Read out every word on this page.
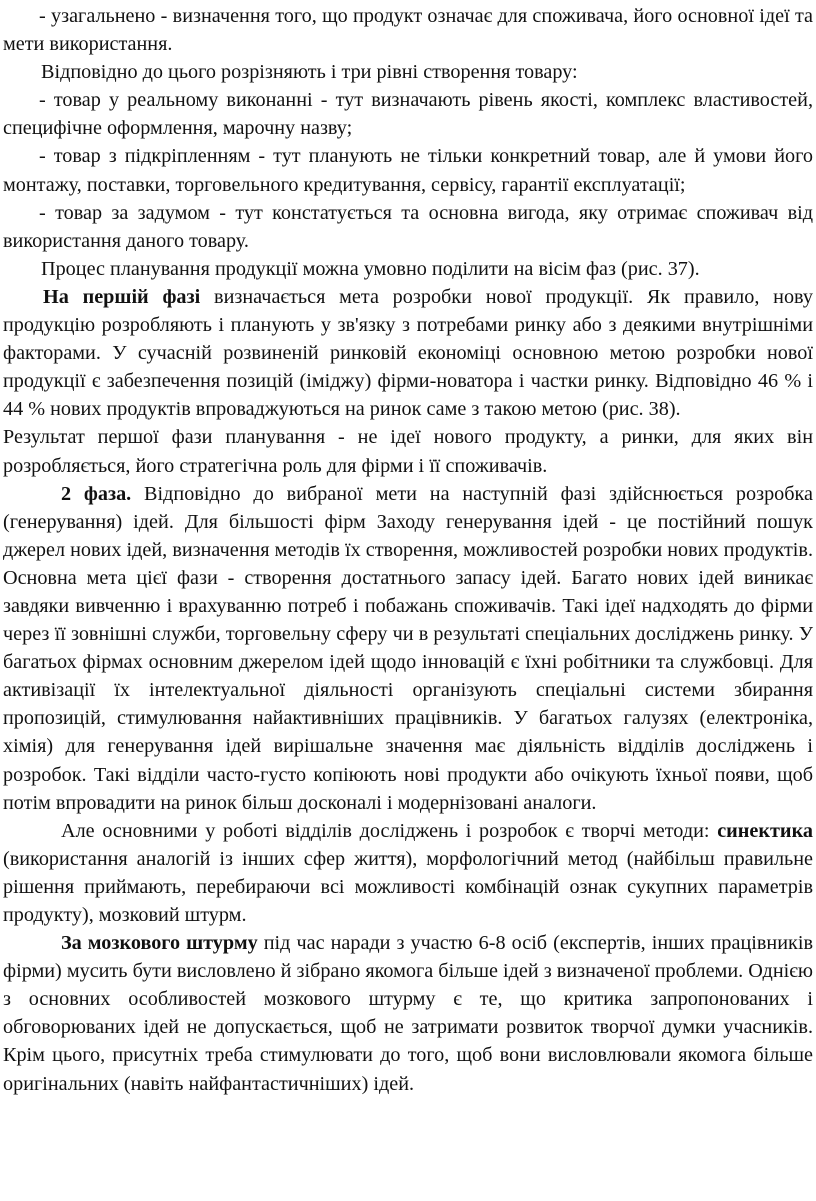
- узагальнено - визначення того, що продукт означає для споживача, його основної ідеї та мети використання.

Відповідно до цього розрізняють і три рівні створення товару:

- товар у реальному виконанні - тут визначають рівень якості, комплекс властивостей, специфічне оформлення, марочну назву;

- товар з підкріпленням - тут планують не тільки конкретний товар, але й умови його монтажу, поставки, торговельного кредитування, сервісу, гарантії експлуатації;

- товар за задумом - тут констатується та основна вигода, яку отримає споживач від використання даного товару.

Процес планування продукції можна умовно поділити на вісім фаз (рис. 37).

На першій фазі визначається мета розробки нової продукції. Як правило, нову продукцію розробляють і планують у зв'язку з потребами ринку або з деякими внутрішніми факторами. У сучасній розвиненій ринковій економіці основною метою розробки нової продукції є забезпечення позицій (іміджу) фірми-новатора і частки ринку. Відповідно 46 % і 44 % нових продуктів впроваджуються на ринок саме з такою метою (рис. 38).

Результат першої фази планування - не ідеї нового продукту, а ринки, для яких він розробляється, його стратегічна роль для фірми і її споживачів.

2 фаза. Відповідно до вибраної мети на наступній фазі здійснюється розробка (генерування) ідей. Для більшості фірм Заходу генерування ідей - це постійний пошук джерел нових ідей, визначення методів їх створення, можливостей розробки нових продуктів. Основна мета цієї фази - створення достатнього запасу ідей. Багато нових ідей виникає завдяки вивченню і врахуванню потреб і побажань споживачів. Такі ідеї надходять до фірми через її зовнішні служби, торговельну сферу чи в результаті спеціальних досліджень ринку. У багатьох фірмах основним джерелом ідей щодо інновацій є їхні робітники та службовці. Для активізації їх інтелектуальної діяльності організують спеціальні системи збирання пропозицій, стимулювання найактивніших працівників. У багатьох галузях (електроніка, хімія) для генерування ідей вирішальне значення має діяльність відділів досліджень і розробок. Такі відділи часто-густо копіюють нові продукти або очікують їхньої появи, щоб потім впровадити на ринок більш досконалі і модернізовані аналоги.

Але основними у роботі відділів досліджень і розробок є творчі методи: синектика (використання аналогій із інших сфер життя), морфологічний метод (найбільш правильне рішення приймають, перебираючи всі можливості комбінацій ознак сукупних параметрів продукту), мозковий штурм.

За мозкового штурму під час наради з участю 6-8 осіб (експертів, інших працівників фірми) мусить бути висловлено й зібрано якомога більше ідей з визначеної проблеми. Однією з основних особливостей мозкового штурму є те, що критика запропонованих і обговорюваних ідей не допускається, щоб не затримати розвиток творчої думки учасників. Крім цього, присутніх треба стимулювати до того, щоб вони висловлювали якомога більше оригінальних (навіть найфантастичніших) ідей.
